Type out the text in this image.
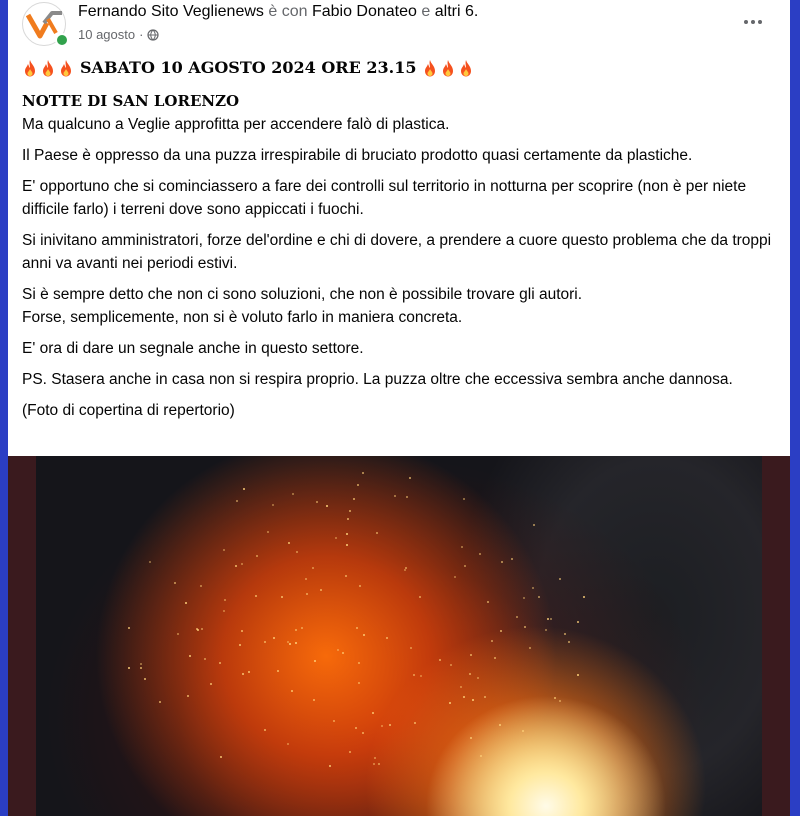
Fernando Sito Veglienews è con Fabio Donateo e altri 6.
10 agosto ·
SABATO 10 AGOSTO 2024 ORE 23.15

NOTTE DI SAN LORENZO

Ma qualcuno a Veglie approfitta per accendere falò di plastica.

Il Paese è oppresso da una puzza irrespirabile di bruciato prodotto quasi certamente da plastiche.

E' opportuno che si cominciassero a fare dei controlli sul territorio in notturna per scoprire (non è per niete difficile farlo) i terreni dove sono appiccati i fuochi.

Si inivitano amministratori, forze del'ordine e chi di dovere, a prendere a cuore questo problema che da troppi anni va avanti nei periodi estivi.

Si è sempre detto che non ci sono soluzioni, che non è possibile trovare gli autori.
Forse, semplicemente, non si è voluto farlo in maniera concreta.

E' ora di dare un segnale anche in questo settore.

PS. Stasera anche in casa non si respira proprio. La puzza oltre che eccessiva sembra anche dannosa.

(Foto di copertina di repertorio)
